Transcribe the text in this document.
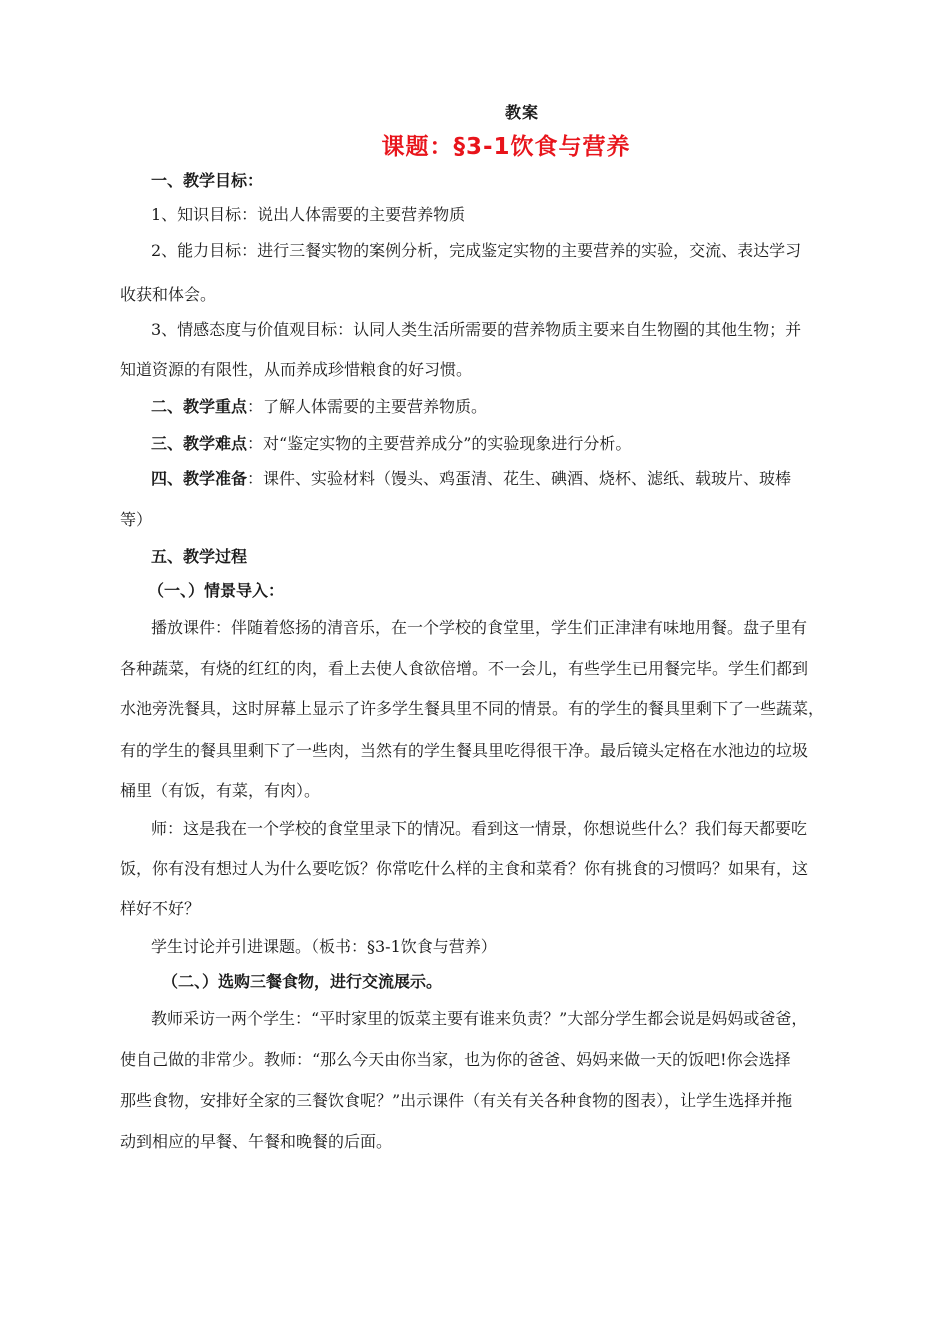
教案
课题：§3-1饮食与营养
一、教学目标：
1、知识目标：说出人体需要的主要营养物质
2、能力目标：进行三餐实物的案例分析，完成鉴定实物的主要营养的实验，交流、表达学习
收获和体会。
3、情感态度与价值观目标：认同人类生活所需要的营养物质主要来自生物圈的其他生物；并
知道资源的有限性，从而养成珍惜粮食的好习惯。
二、教学重点：了解人体需要的主要营养物质。
三、教学难点：对“鉴定实物的主要营养成分”的实验现象进行分析。
四、教学准备：课件、实验材料（馒头、鸡蛋清、花生、碘酒、烧杯、滤纸、载玻片、玻棒
等）
五、教学过程
（一、）情景导入：
播放课件：伴随着悠扬的清音乐，在一个学校的食堂里，学生们正津津有味地用餐。盘子里有
各种蔬菜，有烧的红红的肉，看上去使人食欲倍增。不一会儿，有些学生已用餐完毕。学生们都到
水池旁洗餐具，这时屏幕上显示了许多学生餐具里不同的情景。有的学生的餐具里剩下了一些蔬菜，
有的学生的餐具里剩下了一些肉，当然有的学生餐具里吃得很干净。最后镜头定格在水池边的垃圾
桶里（有饭，有菜，有肉）。
师：这是我在一个学校的食堂里录下的情况。看到这一情景，你想说些什么？我们每天都要吃
饭，你有没有想过人为什么要吃饭？你常吃什么样的主食和菜肴？你有挑食的习惯吗？如果有，这
样好不好？
学生讨论并引进课题。（板书：§3-1饮食与营养）
（二、）选购三餐食物，进行交流展示。
教师采访一两个学生：“平时家里的饭菜主要有谁来负责？”大部分学生都会说是妈妈或爸爸，
使自己做的非常少。教师：“那么今天由你当家，也为你的爸爸、妈妈来做一天的饭吧!你会选择
那些食物，安排好全家的三餐饮食呢？”出示课件（有关有关各种食物的图表），让学生选择并拖
动到相应的早餐、午餐和晚餐的后面。
